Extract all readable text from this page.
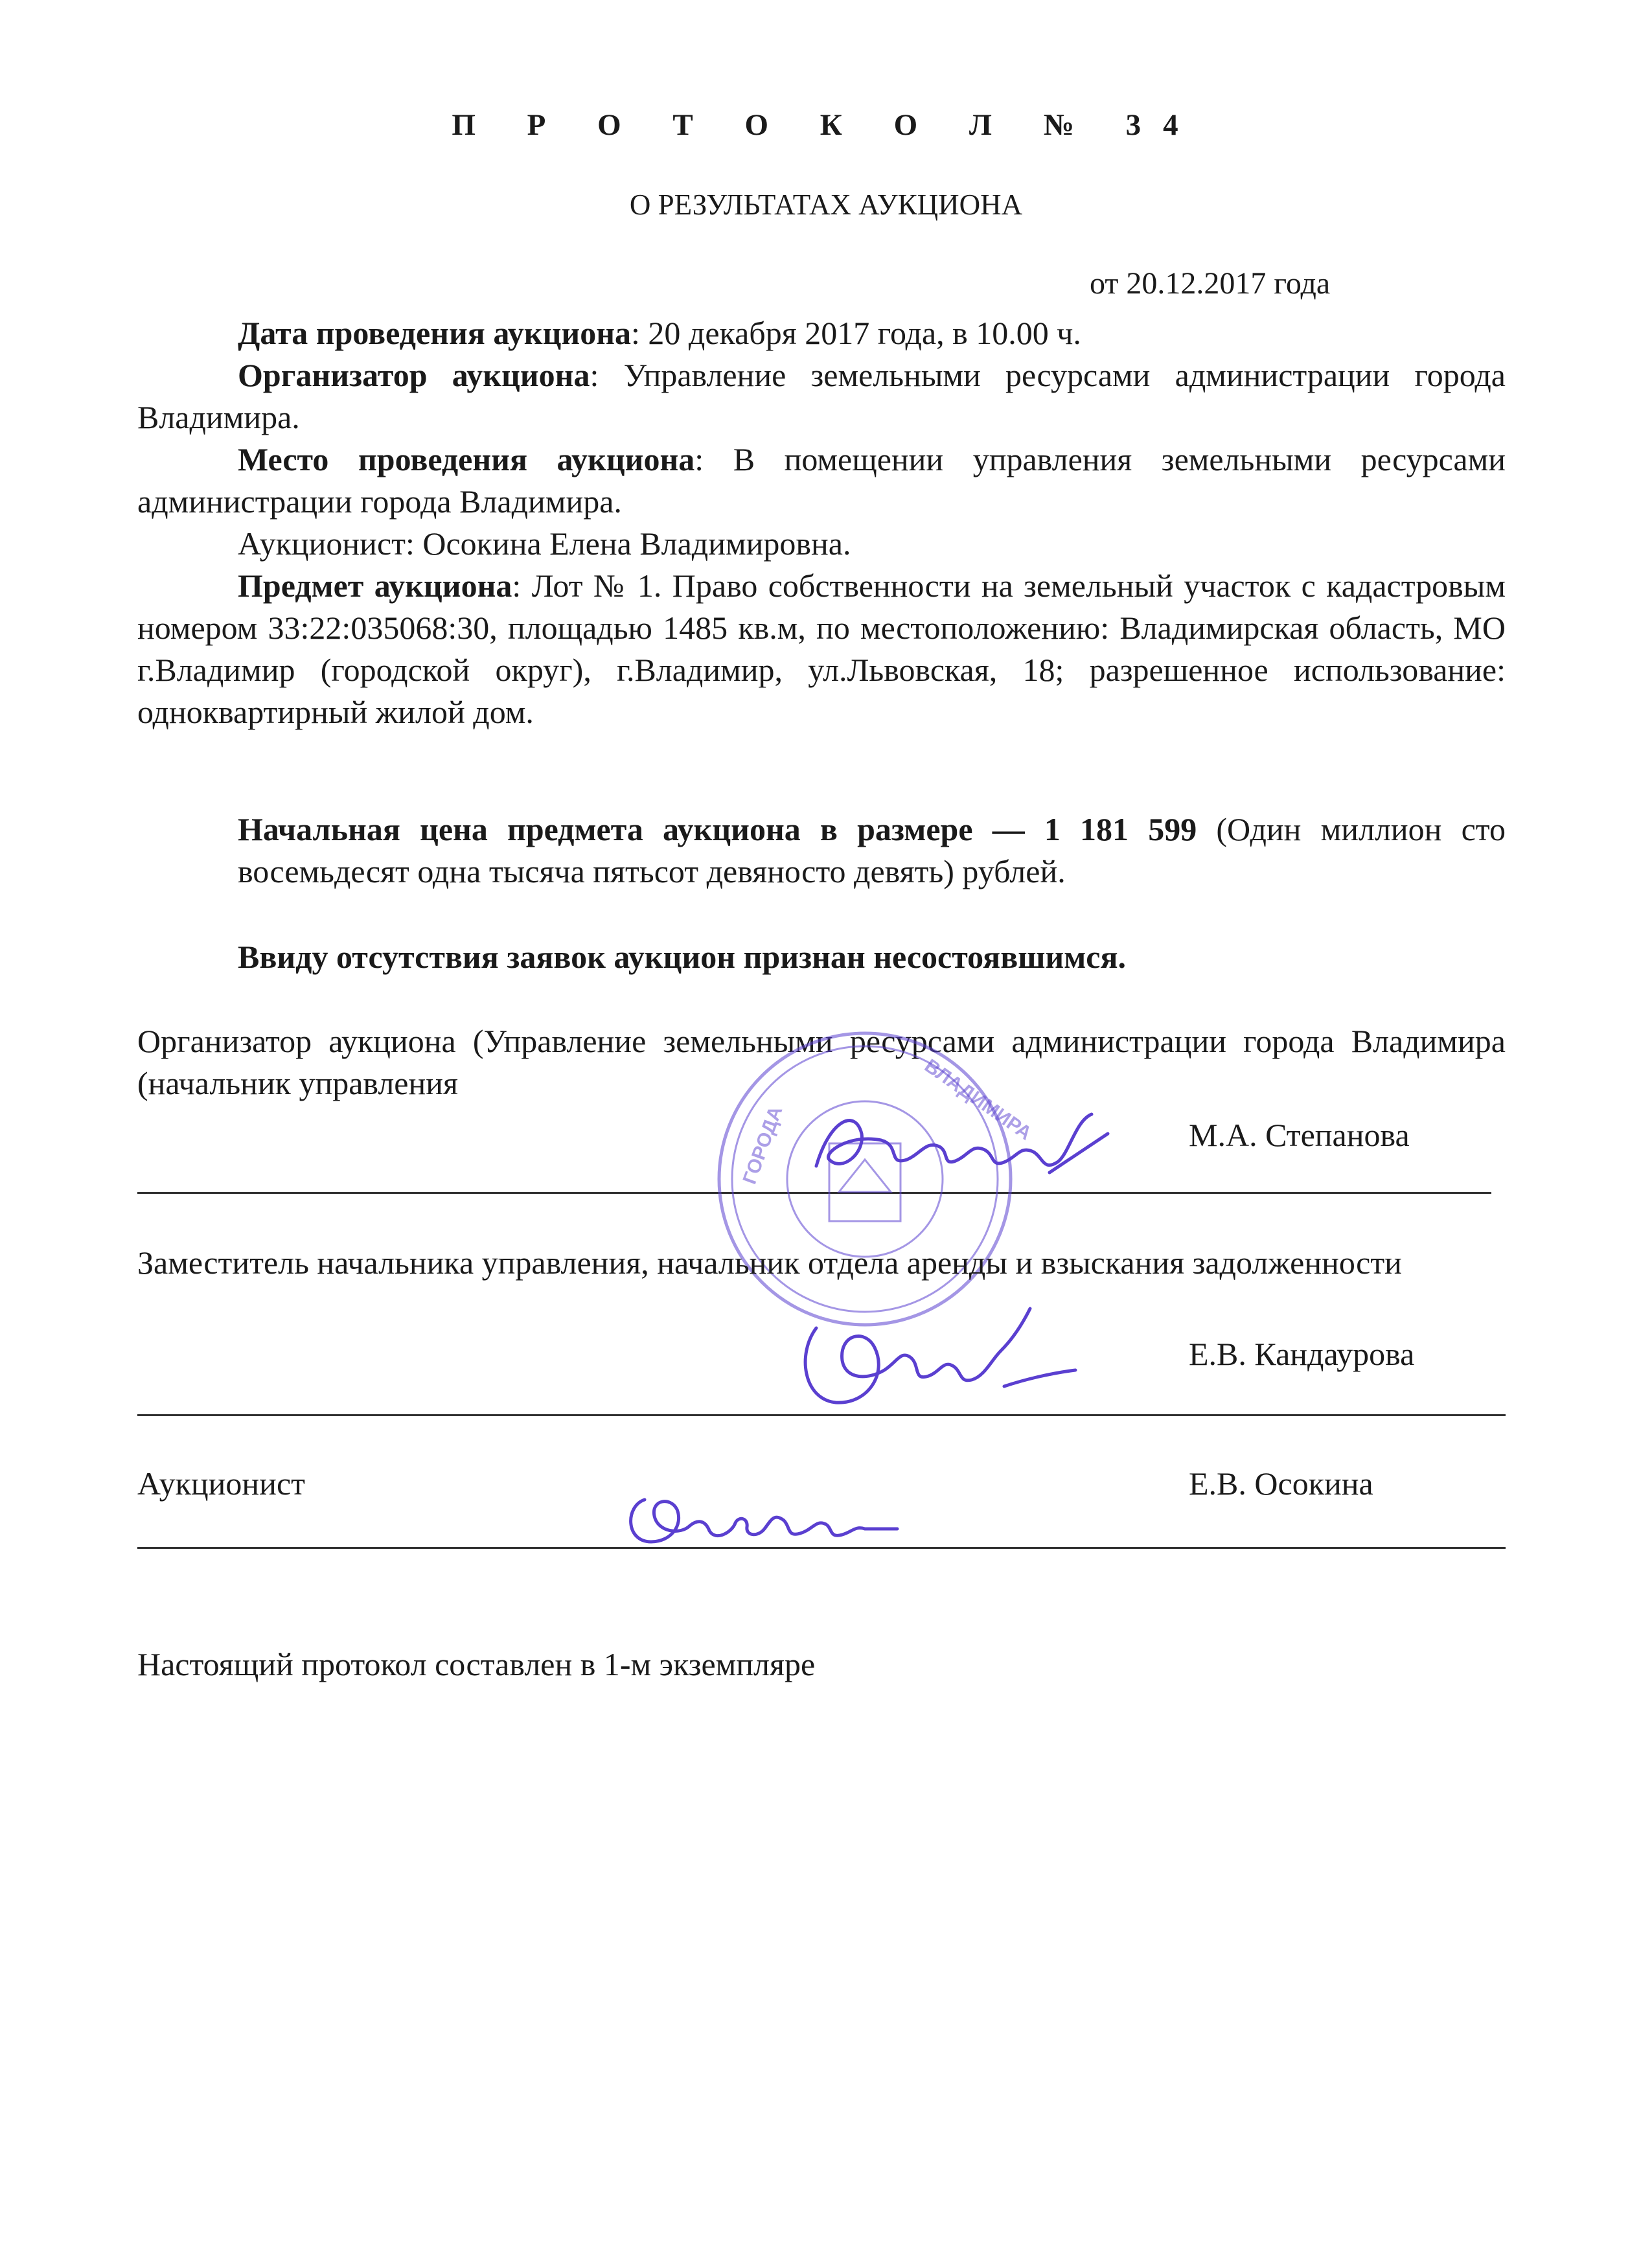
П Р О Т О К О Л № 34
О РЕЗУЛЬТАТАХ АУКЦИОНА
от 20.12.2017 года
Дата проведения аукциона: 20 декабря 2017 года, в 10.00 ч.
Организатор аукциона: Управление земельными ресурсами администрации города Владимира.
Место проведения аукциона: В помещении управления земельными ресурсами администрации города Владимира.
Аукционист: Осокина Елена Владимировна.
Предмет аукциона: Лот № 1. Право собственности на земельный участок с кадастровым номером 33:22:035068:30, площадью 1485 кв.м, по местоположению: Владимирская область, МО г.Владимир (городской округ), г.Владимир, ул.Львовская, 18; разрешенное использование: одноквартирный жилой дом.
Начальная цена предмета аукциона в размере — 1 181 599 (Один миллион сто восемьдесят одна тысяча пятьсот девяносто девять) рублей.
Ввиду отсутствия заявок аукцион признан несостоявшимся.
Организатор аукциона (Управление земельными ресурсами администрации города Владимира (начальник управления
М.А. Степанова
ГОРОДА
ВЛАДИМИРА
Заместитель начальника управления, начальник отдела аренды и взыскания задолженности
Е.В. Кандаурова
Аукционист	Е.В. Осокина
Настоящий протокол составлен в 1-м экземпляре
